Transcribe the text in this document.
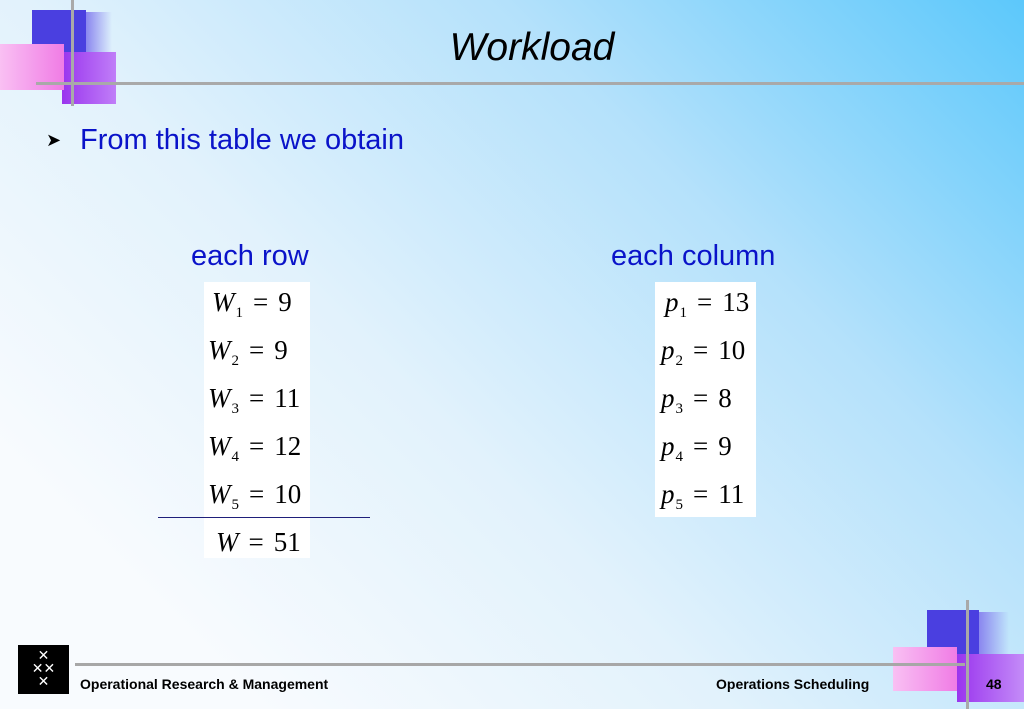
Workload
➤ From this table we obtain
each row	each column
$W_1 = 9$
$W_2 = 9$
$W_3 = 11$
$W_4 = 12$
$W_5 = 10$
W = 51
$p_1 = 13$
$p_2 = 10$
$p_3 = 8$
$p_4 = 9$
$p_5 = 11$
✕
✕✕
✕	Operational Research & Management	Operations Scheduling	48
